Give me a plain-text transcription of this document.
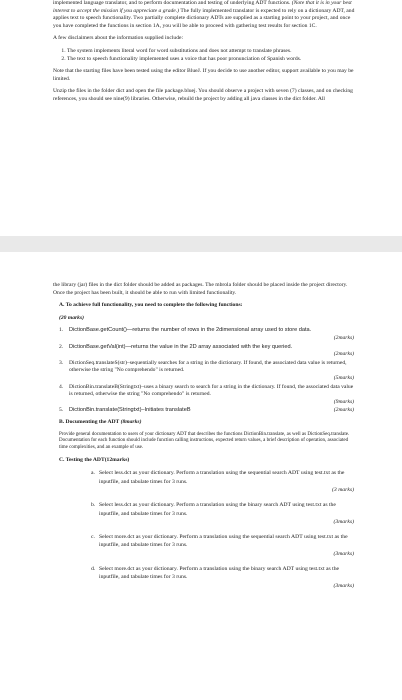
implemented language translator, and to perform documentation and testing of underlying ADT functions. (Note that it is in your best interest to accept the mission if you appreciate a grade.) The fully implemented translator is expected to rely on a dictionary ADT, and applies text to speech functionality. Two partially complete dictionary ADTs are supplied as a starting point to your project, and once you have completed the functions in section 1A, you will be able to proceed with gathering test results for section 1C.

A few disclaimers about the information supplied include:

1. The system implements literal word for word substitutions and does not attempt to translate phrases.
2. The text to speech functionality implemented uses a voice that has poor pronunciation of Spanish words.

Note that the starting files have been tested using the editor BlueJ. If you decide to use another editor, support available to you may be limited.

Unzip the files in the folder dict and open the file package.bluej. You should observe a project with seven (7) classes, and on checking references, you should see nine(9) libraries. Otherwise, rebuild the project by adding all java classes in the dict folder. All

the library (jar) files in the dict folder should be added as packages. The mbrola folder should be placed inside the project directory. Once the project has been built, it should be able to run with limited functionality.

A. To achieve full functionality, you need to complete the following functions:

(20 marks)

1. DictionBase.getCount()—returns the number of rows in the 2dimensional array used to store data.
(2marks)
2. DictionBase.getVal(int)—returns the value in the 2D array associated with the key queried.
(2marks)
3. DictionSeq.translateS(str)–sequentially searches for a string in the dictionary. If found, the associated data value is returned, otherwise the string "No comprehendo" is returned.
(5marks)
4. DictionBin.translateB(Stringtxt)–uses a binary search to search for a string in the dictionary. If found, the associated data value is returned, otherwise the string "No comprehendo" is returned.
(9marks)
5. DictionBin.translate(Stringtxt)–Initiates translateB	(2marks)

B. Documenting the ADT (8marks)

Provide general documentation to users of your dictionary ADT that describes the functions DictionBin.translate, as well as DictionSeq.translate. Documentation for each function should include function calling instructions, expected return values, a brief description of operation, associated time complexities, and an example of use.

C. Testing the ADT(12marks)

a. Select less.dct as your dictionary. Perform a translation using the sequential search ADT using test.txt as the inputfile, and tabulate times for 3 runs.
(3 marks)
b. Select less.dct as your dictionary. Perform a translation using the binary search ADT using test.txt as the inputfile, and tabulate times for 3 runs.
(3marks)
c. Select more.dct as your dictionary. Perform a translation using the sequential search ADT using test.txt as the inputfile, and tabulate times for 3 runs.
(3marks)
d. Select more.dct as your dictionary. Perform a translation using the binary search ADT using test.txt as the inputfile, and tabulate times for 3 runs.
(3marks)
